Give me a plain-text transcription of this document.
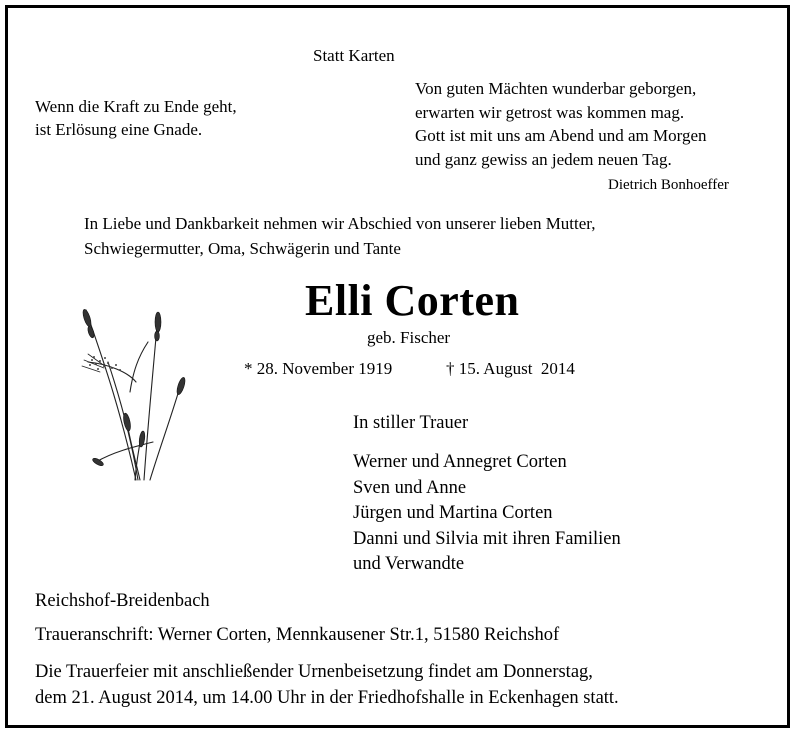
Statt Karten
Wenn die Kraft zu Ende geht,
ist Erlösung eine Gnade.
Von guten Mächten wunderbar geborgen,
erwarten wir getrost was kommen mag.
Gott ist mit uns am Abend und am Morgen
und ganz gewiss an jedem neuen Tag.
Dietrich Bonhoeffer
In Liebe und Dankbarkeit nehmen wir Abschied von unserer lieben Mutter,
Schwiegermutter, Oma, Schwägerin und Tante
Elli Corten
geb. Fischer
* 28. November 1919	† 15. August  2014
In stiller Trauer
Werner und Annegret Corten
Sven und Anne
Jürgen und Martina Corten
Danni und Silvia mit ihren Familien
und Verwandte
Reichshof-Breidenbach
Traueranschrift: Werner Corten, Mennkausener Str.1, 51580 Reichshof
Die Trauerfeier mit anschließender Urnenbeisetzung findet am Donnerstag,
dem 21. August 2014, um 14.00 Uhr in der Friedhofshalle in Eckenhagen statt.
